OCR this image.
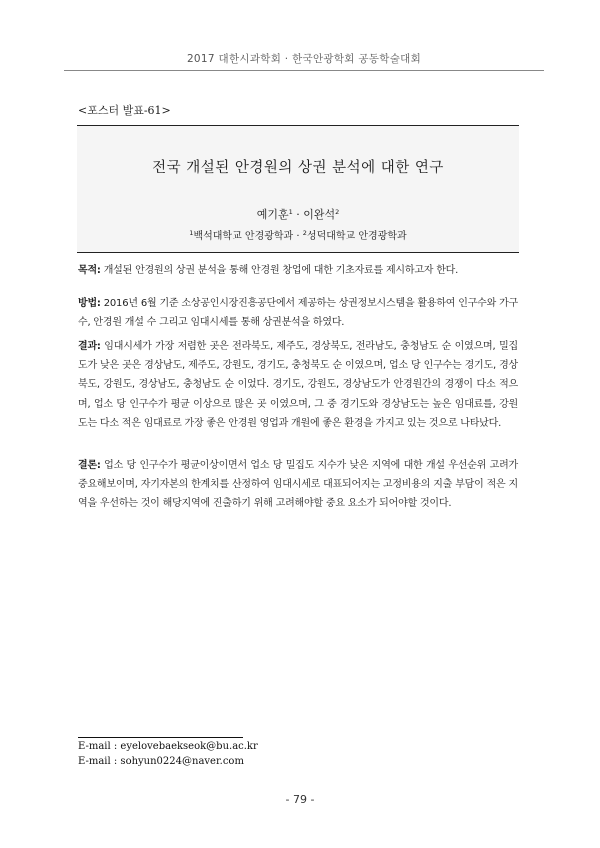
2017 대한시과학회 · 한국안광학회 공동학술대회
<포스터 발표-61>
전국 개설된 안경원의 상권 분석에 대한 연구
예기훈$^1$ · 이완석$^2$
$^1$백석대학교 안경광학과 · $^2$성덕대학교 안경광학과
목적: 개설된 안경원의 상권 분석을 통해 안경원 창업에 대한 기초자료를 제시하고자 한다.
방법: 2016년 6월 기준 소상공인시장진흥공단에서 제공하는 상권정보시스템을 활용하여 인구수와 가구 수, 안경원 개설 수 그리고 임대시세를 통해 상권분석을 하였다.
결과: 임대시세가 가장 저렴한 곳은 전라북도, 제주도, 경상북도, 전라남도, 충청남도 순 이였으며, 밀집도가 낮은 곳은 경상남도, 제주도, 강원도, 경기도, 충청북도 순 이였으며, 업소 당 인구수는 경기도, 경상북도, 강원도, 경상남도, 충청남도 순 이었다. 경기도, 강원도, 경상남도가 안경원간의 경쟁이 다소 적으며, 업소 당 인구수가 평균 이상으로 많은 곳 이였으며, 그 중 경기도와 경상남도는 높은 임대료를, 강원도는 다소 적은 임대료로 가장 좋은 안경원 영업과 개원에 좋은 환경을 가지고 있는 것으로 나타났다.
결론: 업소 당 인구수가 평균이상이면서 업소 당 밀집도 지수가 낮은 지역에 대한 개설 우선순위 고려가 중요해보이며, 자기자본의 한계치를 산정하여 임대시세로 대표되어지는 고정비용의 지출 부담이 적은 지역을 우선하는 것이 해당지역에 진출하기 위해 고려해야할 중요 요소가 되어야할 것이다.
E-mail : eyelovebaekseok@bu.ac.kr
E-mail : sohyun0224@naver.com
- 79 -
